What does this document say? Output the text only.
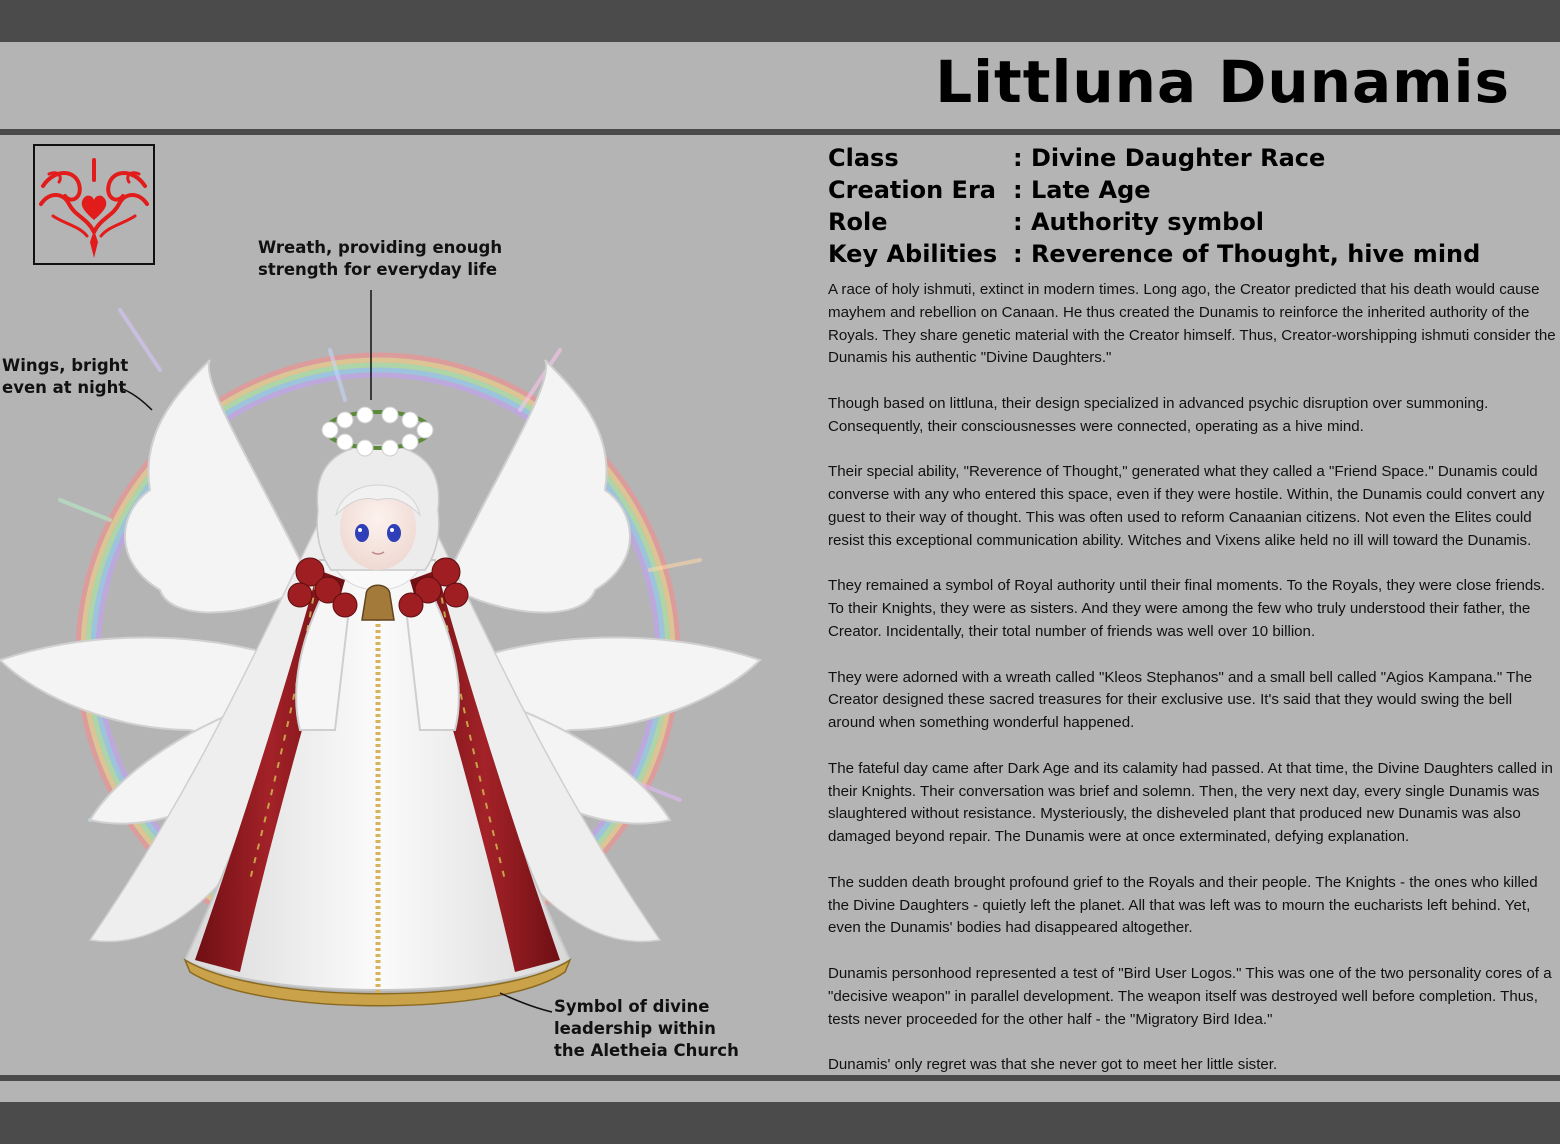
Littluna Dunamis
Wreath, providing enough
strength for everyday life
Wings, bright
even at night
Symbol of divine
leadership within
the Aletheia Church
Class	: Divine Daughter Race
Creation Era : Late Age
Role	: Authority symbol
Key Abilities : Reverence of Thought, hive mind

A race of holy ishmuti, extinct in modern times. Long ago, the Creator predicted that his death would cause mayhem and rebellion on Canaan. He thus created the Dunamis to reinforce the inherited authority of the Royals. They share genetic material with the Creator himself. Thus, Creator-worshipping ishmuti consider the Dunamis his authentic "Divine Daughters."

Though based on littluna, their design specialized in advanced psychic disruption over summoning. Consequently, their consciousnesses were connected, operating as a hive mind.

Their special ability, "Reverence of Thought," generated what they called a "Friend Space." Dunamis could converse with any who entered this space, even if they were hostile. Within, the Dunamis could convert any guest to their way of thought. This was often used to reform Canaanian citizens. Not even the Elites could resist this exceptional communication ability. Witches and Vixens alike held no ill will toward the Dunamis.

They remained a symbol of Royal authority until their final moments. To the Royals, they were close friends. To their Knights, they were as sisters. And they were among the few who truly understood their father, the Creator. Incidentally, their total number of friends was well over 10 billion.

They were adorned with a wreath called "Kleos Stephanos" and a small bell called "Agios Kampana." The Creator designed these sacred treasures for their exclusive use. It's said that they would swing the bell around when something wonderful happened.

The fateful day came after Dark Age and its calamity had passed. At that time, the Divine Daughters called in their Knights. Their conversation was brief and solemn. Then, the very next day, every single Dunamis was slaughtered without resistance. Mysteriously, the disheveled plant that produced new Dunamis was also damaged beyond repair. The Dunamis were at once exterminated, defying explanation.

The sudden death brought profound grief to the Royals and their people. The Knights - the ones who killed the Divine Daughters - quietly left the planet. All that was left was to mourn the eucharists left behind. Yet, even the Dunamis' bodies had disappeared altogether.

Dunamis personhood represented a test of "Bird User Logos." This was one of the two personality cores of a "decisive weapon" in parallel development. The weapon itself was destroyed well before completion. Thus, tests never proceeded for the other half - the "Migratory Bird Idea."

Dunamis' only regret was that she never got to meet her little sister.
